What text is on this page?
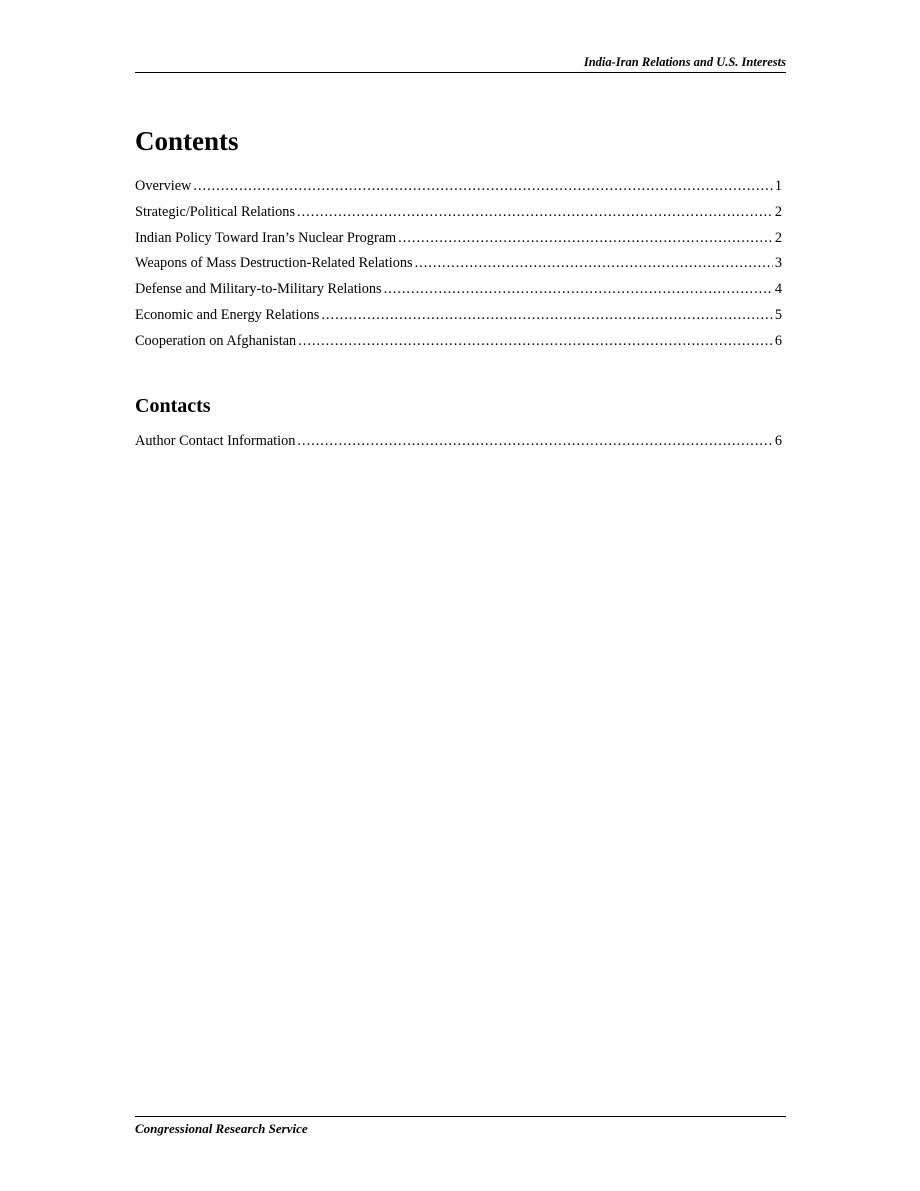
India-Iran Relations and U.S. Interests
Contents
Overview .....	1
Strategic/Political Relations .....	2
Indian Policy Toward Iran’s Nuclear Program .....	2
Weapons of Mass Destruction-Related Relations .....	3
Defense and Military-to-Military Relations .....	4
Economic and Energy Relations .....	5
Cooperation on Afghanistan .....	6
Contacts
Author Contact Information .....	6
Congressional Research Service
